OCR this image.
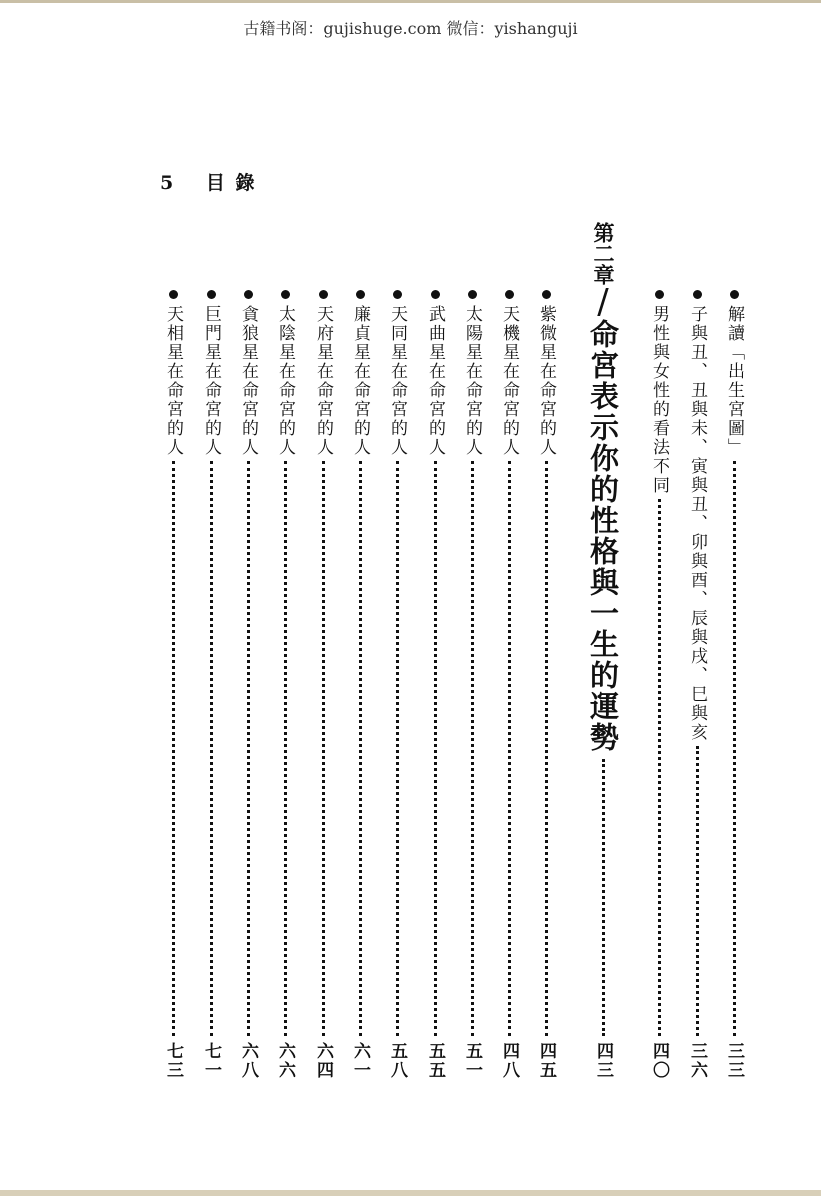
古籍书阁：gujishuge.com 微信：yishanguji
5 目 錄
解讀「出生宮圖」
三三
子與丑、丑與未、寅與丑、卯與酉、辰與戌、巳與亥
三六
男性與女性的看法不同
四〇
第二章
/
命宮表示你的性格與一生的運勢
四三
紫微星在命宮的人
四五
天機星在命宮的人
四八
太陽星在命宮的人
五一
武曲星在命宮的人
五五
天同星在命宮的人
五八
廉貞星在命宮的人
六一
天府星在命宮的人
六四
太陰星在命宮的人
六六
貪狼星在命宮的人
六八
巨門星在命宮的人
七一
天相星在命宮的人
七三
